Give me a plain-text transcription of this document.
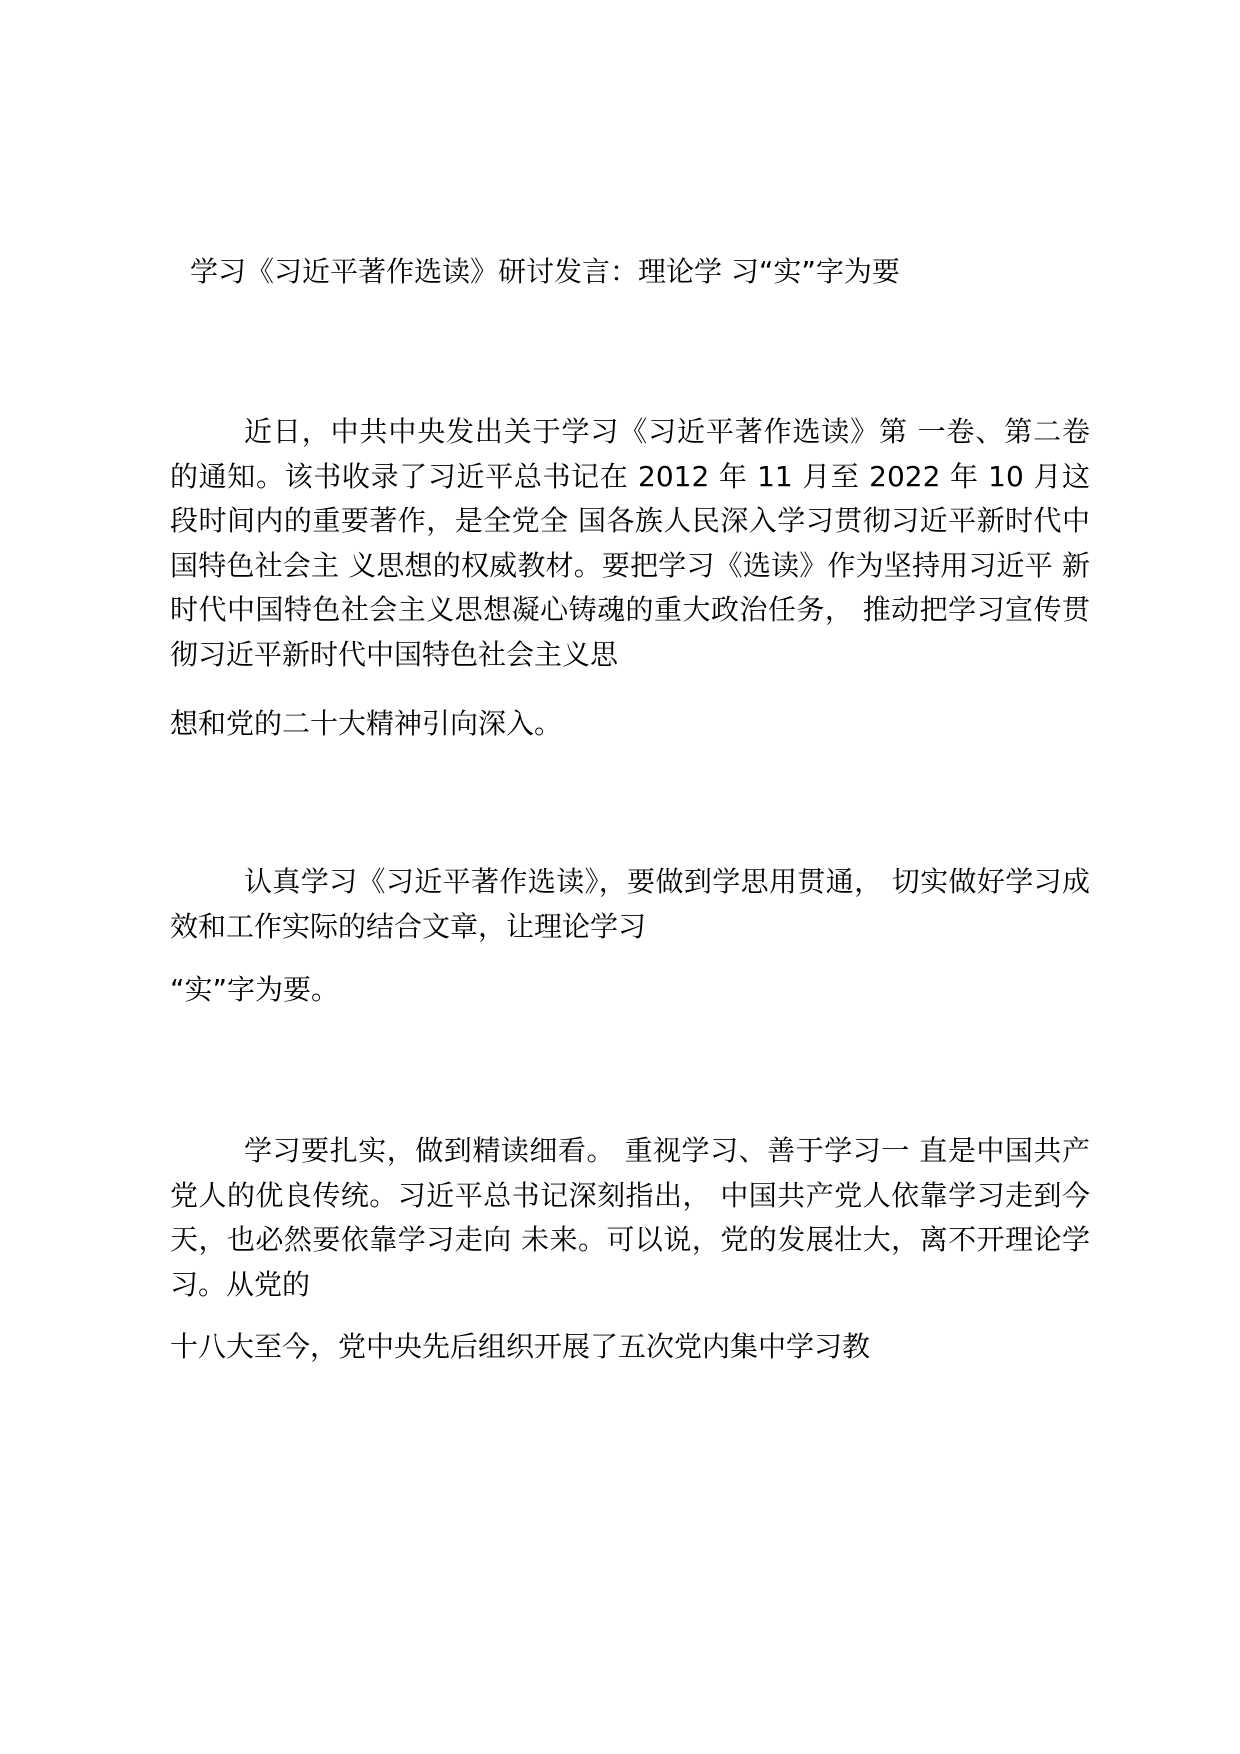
学习《习近平著作选读》研讨发言：理论学 习“实”字为要
近日，中共中央发出关于学习《习近平著作选读》第 一卷、第二卷的通知。该书收录了习近平总书记在 2012 年 11 月至 2022 年 10 月这段时间内的重要著作，是全党全 国各族人民深入学习贯彻习近平新时代中国特色社会主 义思想的权威教材。要把学习《选读》作为坚持用习近平 新时代中国特色社会主义思想凝心铸魂的重大政治任务， 推动把学习宣传贯彻习近平新时代中国特色社会主义思
想和党的二十大精神引向深入。
认真学习《习近平著作选读》，要做到学思用贯通， 切实做好学习成效和工作实际的结合文章，让理论学习
“实”字为要。
学习要扎实，做到精读细看。 重视学习、善于学习一 直是中国共产党人的优良传统。习近平总书记深刻指出， 中国共产党人依靠学习走到今天，也必然要依靠学习走向 未来。可以说，党的发展壮大，离不开理论学习。从党的
十八大至今，党中央先后组织开展了五次党内集中学习教
